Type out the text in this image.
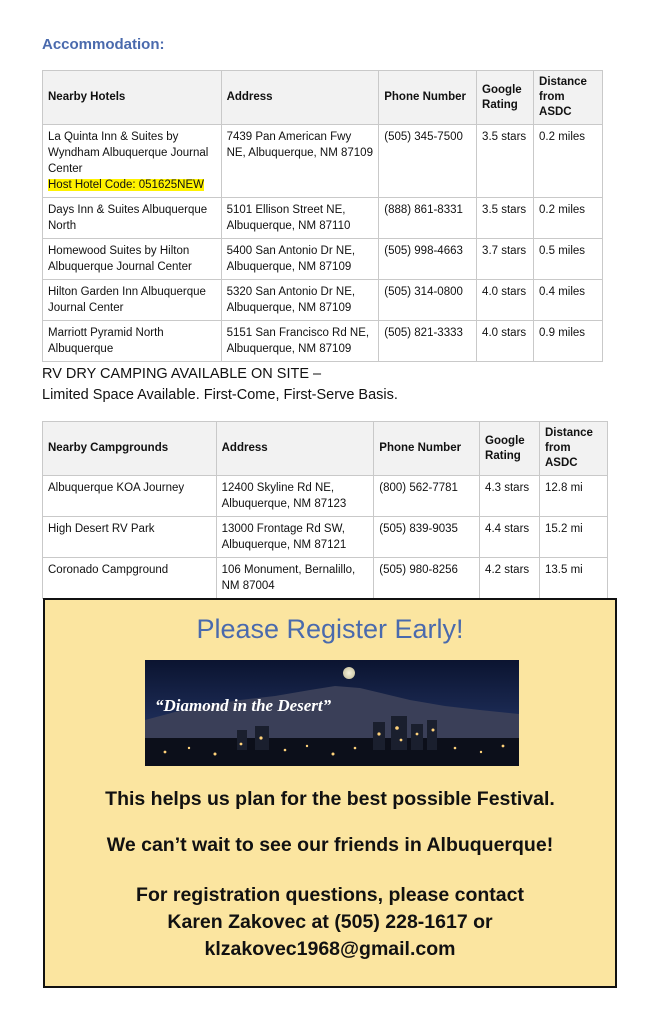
Accommodation:
Nearby Hotels	Address	Phone Number	Google Rating	Distance from ASDC
La Quinta Inn & Suites by Wyndham Albuquerque Journal Center
Host Hotel Code: 051625NEW	7439 Pan American Fwy NE, Albuquerque, NM 87109	(505) 345-7500	3.5 stars	0.2 miles
Days Inn & Suites Albuquerque North	5101 Ellison Street NE, Albuquerque, NM 87110	(888) 861-8331	3.5 stars	0.2 miles
Homewood Suites by Hilton Albuquerque Journal Center	5400 San Antonio Dr NE, Albuquerque, NM 87109	(505) 998-4663	3.7 stars	0.5 miles
Hilton Garden Inn Albuquerque Journal Center	5320 San Antonio Dr NE, Albuquerque, NM 87109	(505) 314-0800	4.0 stars	0.4 miles
Marriott Pyramid North Albuquerque	5151 San Francisco Rd NE, Albuquerque, NM 87109	(505) 821-3333	4.0 stars	0.9 miles
RV DRY CAMPING AVAILABLE ON SITE –
Limited Space Available. First-Come, First-Serve Basis.
Nearby Campgrounds	Address	Phone Number	Google Rating	Distance from ASDC
Albuquerque KOA Journey	12400 Skyline Rd NE, Albuquerque, NM 87123	(800) 562-7781	4.3 stars	12.8 mi
High Desert RV Park	13000 Frontage Rd SW, Albuquerque, NM 87121	(505) 839-9035	4.4 stars	15.2 mi
Coronado Campground	106 Monument, Bernalillo, NM 87004	(505) 980-8256	4.2 stars	13.5 mi
Please Register Early!
“Diamond in the Desert”
This helps us plan for the best possible Festival.
We can’t wait to see our friends in Albuquerque!
For registration questions, please contact
Karen Zakovec at (505) 228-1617 or
klzakovec1968@gmail.com
